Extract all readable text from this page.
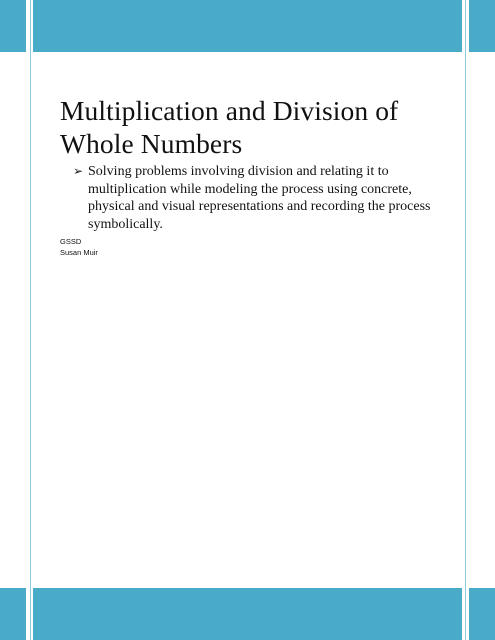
Multiplication and Division of Whole Numbers
➢ Solving problems involving division and relating it to multiplication while modeling the process using concrete, physical and visual representations and recording the process symbolically.
GSSD
Susan Muir
